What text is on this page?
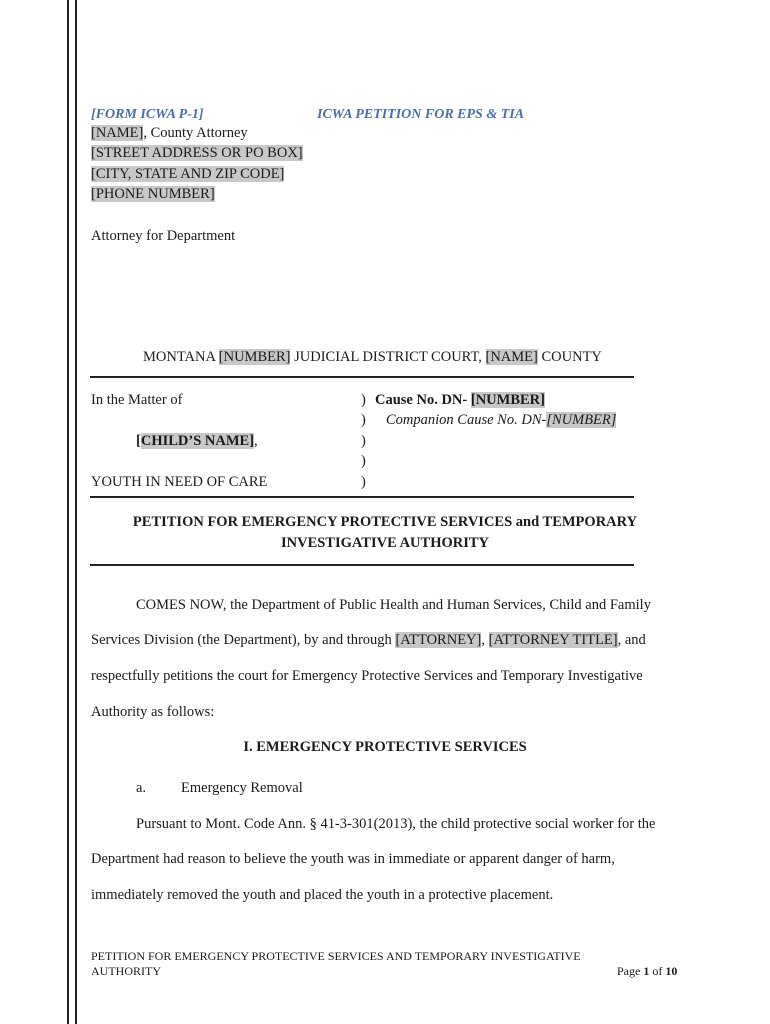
[FORM ICWA P-1]	ICWA PETITION FOR EPS & TIA
[NAME], County Attorney
[STREET ADDRESS OR PO BOX]
[CITY, STATE AND ZIP CODE]
[PHONE NUMBER]
Attorney for Department
MONTANA [NUMBER] JUDICIAL DISTRICT COURT, [NAME] COUNTY
In the Matter of
[CHILD’S NAME],
YOUTH IN NEED OF CARE
)
)
)
)
)
Cause No. DN- [NUMBER]
Companion Cause No. DN-[NUMBER]
PETITION FOR EMERGENCY PROTECTIVE SERVICES and TEMPORARY
INVESTIGATIVE AUTHORITY
COMES NOW, the Department of Public Health and Human Services, Child and Family
Services Division (the Department), by and through [ATTORNEY], [ATTORNEY TITLE], and
respectfully petitions the court for Emergency Protective Services and Temporary Investigative
Authority as follows:
I. EMERGENCY PROTECTIVE SERVICES
a. Emergency Removal
Pursuant to Mont. Code Ann. § 41-3-301(2013), the child protective social worker for the
Department had reason to believe the youth was in immediate or apparent danger of harm,
immediately removed the youth and placed the youth in a protective placement.
PETITION FOR EMERGENCY PROTECTIVE SERVICES AND TEMPORARY INVESTIGATIVE
AUTHORITY	Page 1 of 10
